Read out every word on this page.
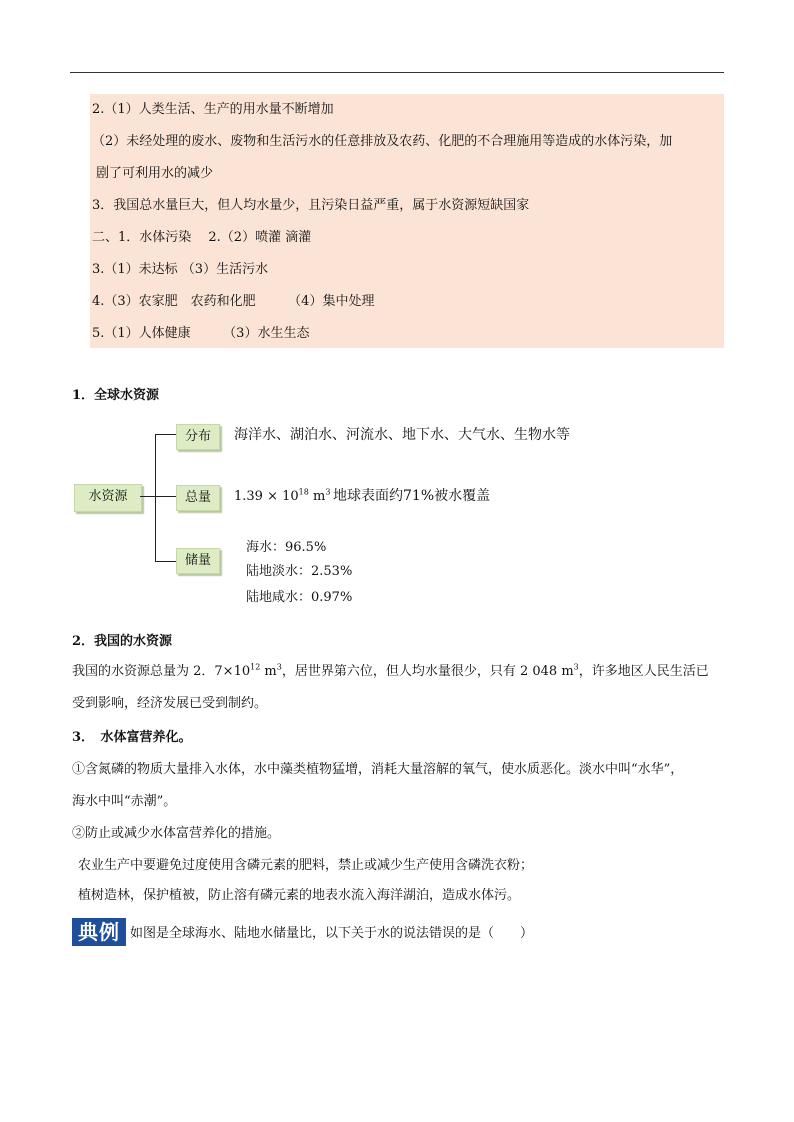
2.（1）人类生活、生产的用水量不断增加
（2）未经处理的废水、废物和生活污水的任意排放及农药、化肥的不合理施用等造成的水体污染，加
剧了可利用水的减少
3．我国总水量巨大，但人均水量少，且污染日益严重，属于水资源短缺国家
二、1．水体污染　 2.（2）喷灌 滴灌
3.（1）未达标 （3）生活污水
4.（3）农家肥　农药和化肥　　　（4）集中处理
5.（1）人体健康　　　（3）水生生态
1．全球水资源
水资源
分布	海洋水、湖泊水、河流水、地下水、大气水、生物水等
总量	$1.39 \times 10^{18}$ $m^3$ 地球表面约71%被水覆盖
储量
海水：96.5%
陆地淡水：2.53%
陆地咸水：0.97%
2．我国的水资源
我国的水资源总量为 2．$7\times 10^{12}$ $m^3$，居世界第六位，但人均水量很少，只有 2 048 $m^3$，许多地区人民生活已
受到影响，经济发展已受到制约。
3．　水体富营养化。
①含氮磷的物质大量排入水体，水中藻类植物猛增，消耗大量溶解的氧气，使水质恶化。淡水中叫“水华”，
海水中叫“赤潮”。
②防止或减少水体富营养化的措施。
农业生产中要避免过度使用含磷元素的肥料，禁止或减少生产使用含磷洗衣粉；
植树造林，保护植被，防止溶有磷元素的地表水流入海洋湖泊，造成水体污。
典例 如图是全球海水、陆地水储量比，以下关于水的说法错误的是（　　）
